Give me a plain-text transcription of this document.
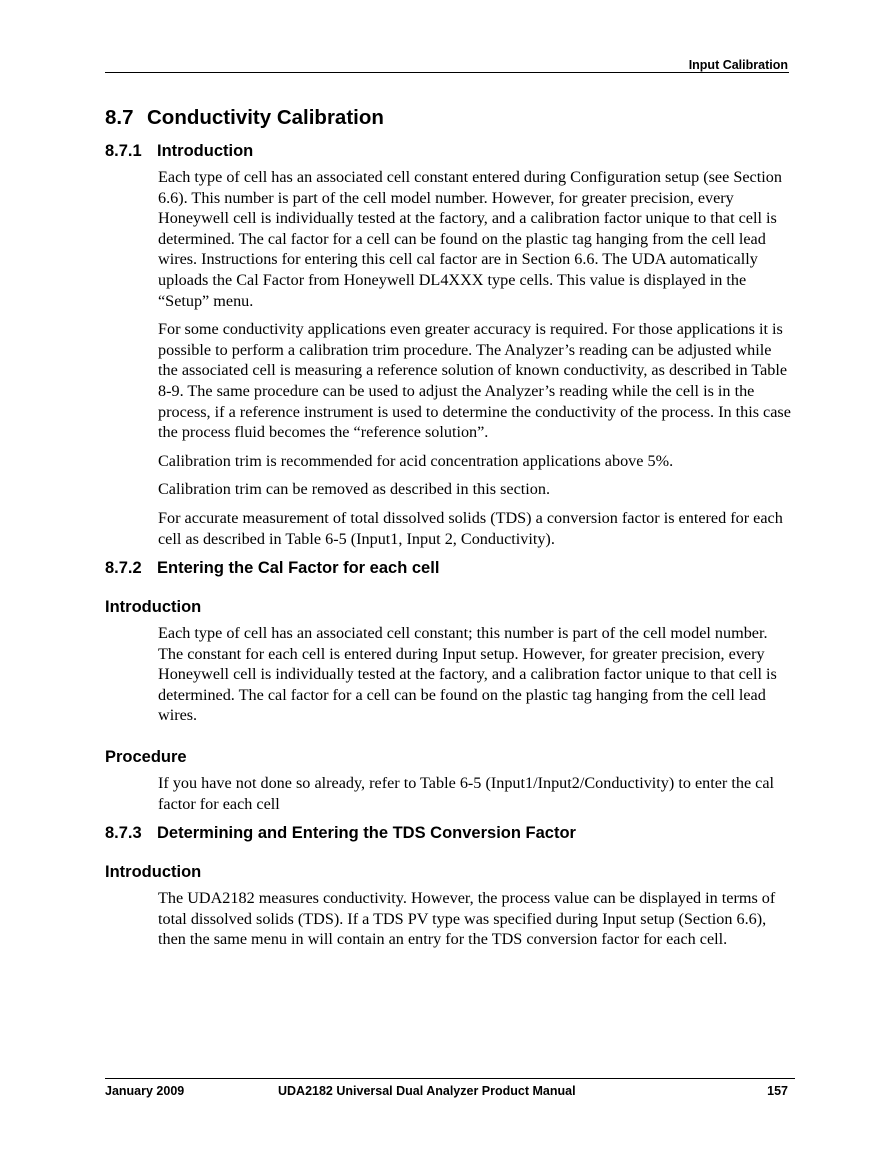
Input Calibration
8.7 Conductivity Calibration
8.7.1 Introduction

Each type of cell has an associated cell constant entered during Configuration setup (see Section 6.6). This number is part of the cell model number. However, for greater precision, every Honeywell cell is individually tested at the factory, and a calibration factor unique to that cell is determined. The cal factor for a cell can be found on the plastic tag hanging from the cell lead wires. Instructions for entering this cell cal factor are in Section 6.6. The UDA automatically uploads the Cal Factor from Honeywell DL4XXX type cells. This value is displayed in the “Setup” menu.

For some conductivity applications even greater accuracy is required. For those applications it is possible to perform a calibration trim procedure. The Analyzer’s reading can be adjusted while the associated cell is measuring a reference solution of known conductivity, as described in Table 8-9. The same procedure can be used to adjust the Analyzer’s reading while the cell is in the process, if a reference instrument is used to determine the conductivity of the process. In this case the process fluid becomes the “reference solution”.

Calibration trim is recommended for acid concentration applications above 5%.

Calibration trim can be removed as described in this section.

For accurate measurement of total dissolved solids (TDS) a conversion factor is entered for each cell as described in Table 6-5 (Input1, Input 2, Conductivity).

8.7.2 Entering the Cal Factor for each cell
Introduction

Each type of cell has an associated cell constant; this number is part of the cell model number. The constant for each cell is entered during Input setup. However, for greater precision, every Honeywell cell is individually tested at the factory, and a calibration factor unique to that cell is determined. The cal factor for a cell can be found on the plastic tag hanging from the cell lead wires.

Procedure

If you have not done so already, refer to Table 6-5 (Input1/Input2/Conductivity) to enter the cal factor for each cell

8.7.3 Determining and Entering the TDS Conversion Factor
Introduction

The UDA2182 measures conductivity. However, the process value can be displayed in terms of total dissolved solids (TDS). If a TDS PV type was specified during Input setup (Section 6.6), then the same menu in will contain an entry for the TDS conversion factor for each cell.

January 2009	UDA2182 Universal Dual Analyzer Product Manual	157
